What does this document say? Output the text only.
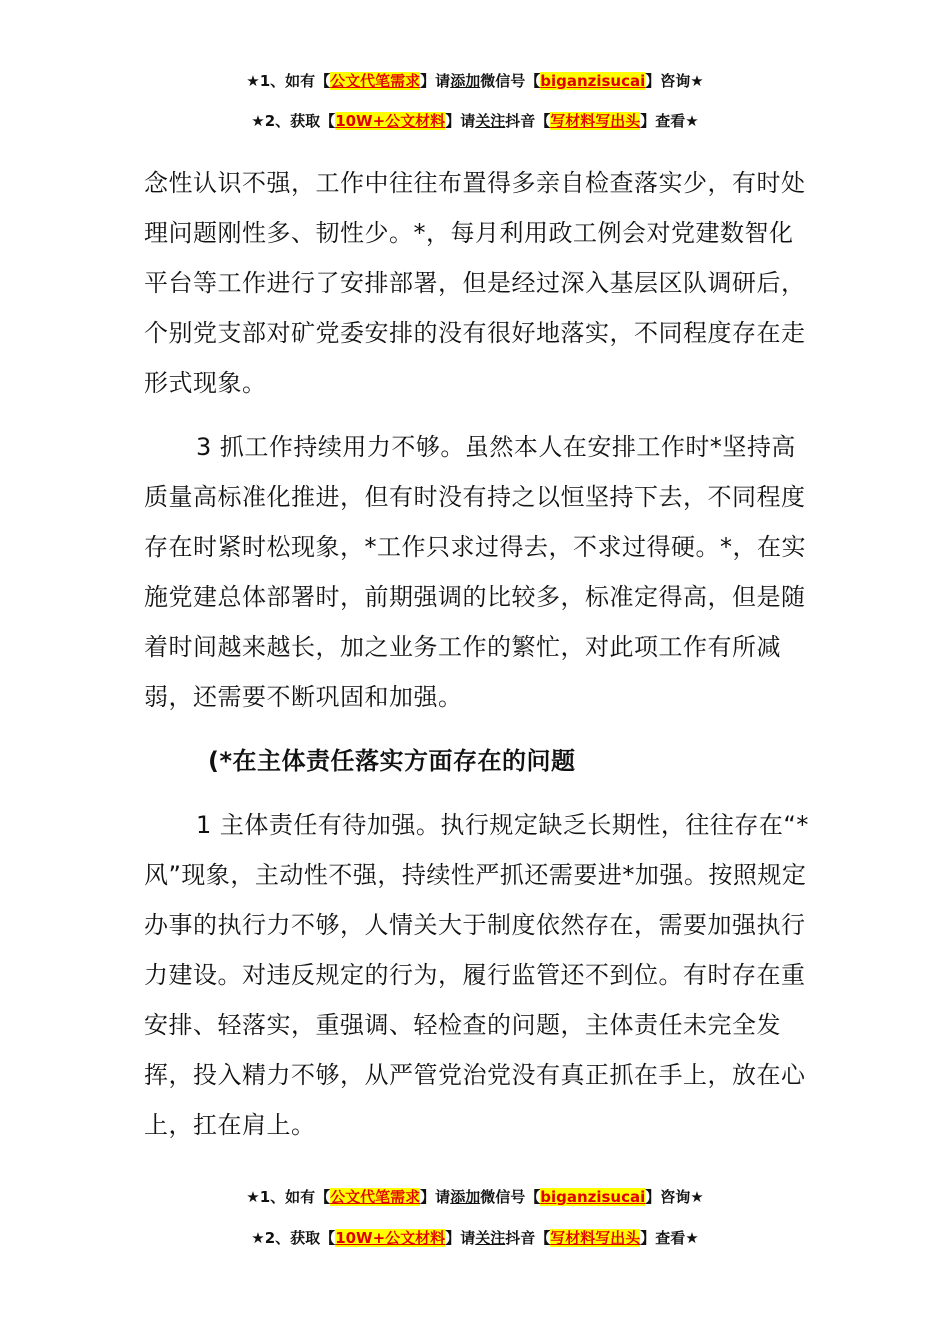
★1、如有【公文代笔需求】请添加微信号【biganzisucai】咨询★
★2、获取【10W+公文材料】请关注抖音【写材料写出头】查看★

念性认识不强，工作中往往布置得多亲自检查落实少，有时处理问题刚性多、韧性少。*，每月利用政工例会对党建数智化平台等工作进行了安排部署，但是经过深入基层区队调研后，个别党支部对矿党委安排的没有很好地落实，不同程度存在走形式现象。

3 抓工作持续用力不够。虽然本人在安排工作时*坚持高质量高标准化推进，但有时没有持之以恒坚持下去，不同程度存在时紧时松现象，*工作只求过得去，不求过得硬。*，在实施党建总体部署时，前期强调的比较多，标准定得高，但是随着时间越来越长，加之业务工作的繁忙，对此项工作有所减弱，还需要不断巩固和加强。

(*在主体责任落实方面存在的问题

1 主体责任有待加强。执行规定缺乏长期性，往往存在“*风”现象，主动性不强，持续性严抓还需要进*加强。按照规定办事的执行力不够，人情关大于制度依然存在，需要加强执行力建设。对违反规定的行为，履行监管还不到位。有时存在重安排、轻落实，重强调、轻检查的问题，主体责任未完全发挥，投入精力不够，从严管党治党没有真正抓在手上，放在心上，扛在肩上。

★1、如有【公文代笔需求】请添加微信号【biganzisucai】咨询★
★2、获取【10W+公文材料】请关注抖音【写材料写出头】查看★
